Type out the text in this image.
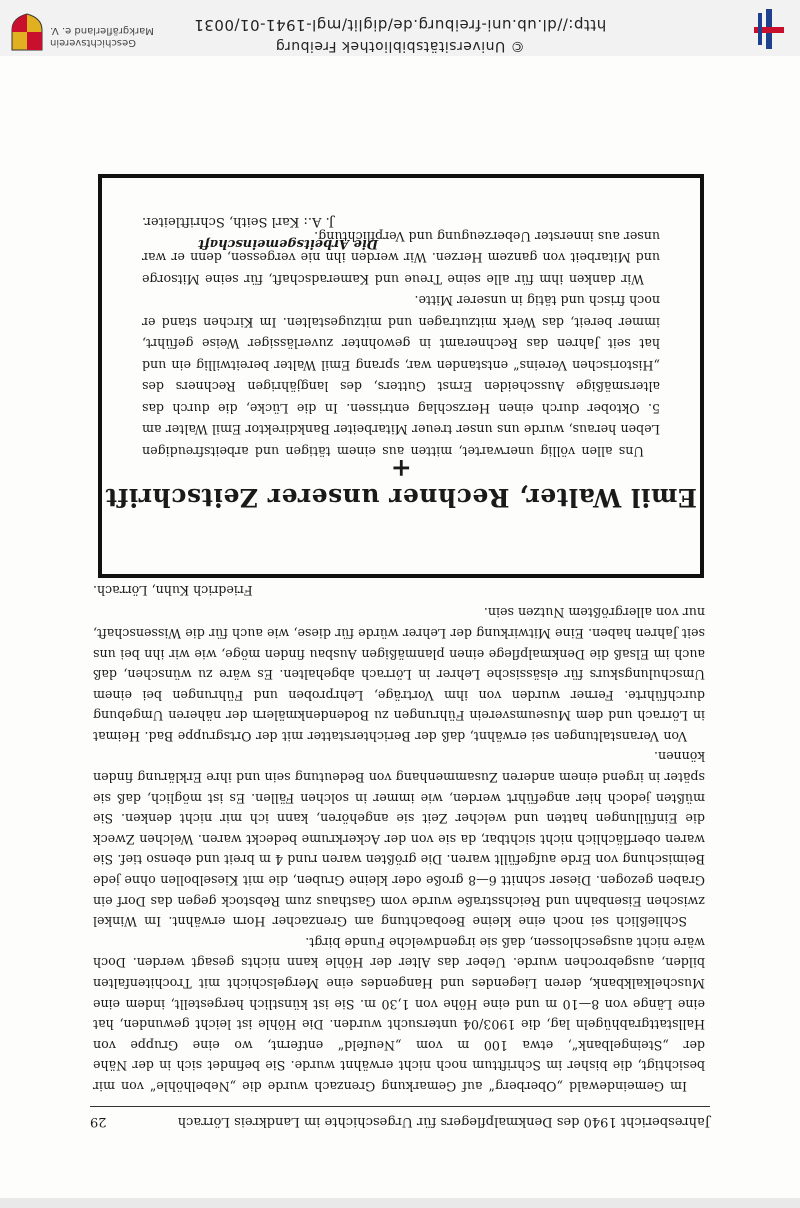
Jahresbericht 1940 des Denkmalpflegers für Urgeschichte im Landkreis Lörrach
29

Im Gemeindewald „Oberberg“ auf Gemarkung Grenzach wurde die „Nebelhöhle“ von mir besichtigt, die bisher im Schrifttum noch nicht erwähnt wurde. Sie befindet sich in der Nähe der „Steingelbank“, etwa 100 m vom „Neufeld“ entfernt, wo eine Gruppe von Hallstattgrabhügeln lag, die 1903/04 untersucht wurden. Die Höhle ist leicht gewunden, hat eine Länge von 8—10 m und eine Höhe von 1,30 m. Sie ist künstlich hergestellt, indem eine Muschelkalkbank, deren Liegendes und Hangendes eine Mergelschicht mit Trochitenfalten bilden, ausgebrochen wurde. Ueber das Alter der Höhle kann nichts gesagt werden. Doch wäre nicht ausgeschlossen, daß sie irgendwelche Funde birgt.

Schließlich sei noch eine kleine Beobachtung am Grenzacher Horn erwähnt. Im Winkel zwischen Eisenbahn und Reichsstraße wurde vom Gasthaus zum Rebstock gegen das Dorf ein Graben gezogen. Dieser schnitt 6—8 große oder kleine Gruben, die mit Kieselbollen ohne jede Beimischung von Erde aufgefüllt waren. Die größten waren rund 4 m breit und ebenso tief. Sie waren oberflächlich nicht sichtbar, da sie von der Ackerkrume bedeckt waren. Welchen Zweck die Einfüllungen hatten und welcher Zeit sie angehören, kann ich mir nicht denken. Sie müßten jedoch hier angeführt werden, wie immer in solchen Fällen. Es ist möglich, daß sie später in irgend einem anderen Zusammenhang von Bedeutung sein und ihre Erklärung finden können.

Von Veranstaltungen sei erwähnt, daß der Berichterstatter mit der Ortsgruppe Bad. Heimat in Lörrach und dem Museumsverein Führungen zu Bodendenkmälern der näheren Umgebung durchführte. Ferner wurden von ihm Vorträge, Lehrproben und Führungen bei einem Umschulungskurs für elsässische Lehrer in Lörrach abgehalten. Es wäre zu wünschen, daß auch im Elsaß die Denkmalpflege einen planmäßigen Ausbau finden möge, wie wir ihn bei uns seit Jahren haben. Eine Mitwirkung der Lehrer würde für diese, wie auch für die Wissenschaft, nur von allergrößtem Nutzen sein.

Friedrich Kuhn, Lörrach.
Emil Walter, Rechner unserer Zeitschrift +

Uns allen völlig unerwartet, mitten aus einem tätigen und arbeitsfreudigen Leben heraus, wurde uns unser treuer Mitarbeiter Bankdirektor Emil Walter am 5. Oktober durch einen Herzschlag entrissen. In die Lücke, die durch das altersmäßige Ausscheiden Ernst Gutters, des langjährigen Rechners des „Historischen Vereins“ entstanden war, sprang Emil Walter bereitwillig ein und hat seit Jahren das Rechneramt in gewohnter zuverlässiger Weise geführt, immer bereit, das Werk mitzutragen und mitzugestalten. Im Kirchen stand er noch frisch und tätig in unserer Mitte.

Wir danken ihm für alle seine Treue und Kameradschaft, für seine Mitsorge und Mitarbeit von ganzem Herzen. Wir werden ihn nie vergessen, denn er war unser aus innerster Ueberzeugung und Verpflichtung.

Die Arbeitsgemeinschaft
J. A.: Karl Seith, Schriftleiter.
© Universitätsbibliothek Freiburg
http://dl.ub.uni-freiburg.de/diglit/mgl-1941-01/0031
Geschichtsverein
Markgräflerland e. V.
